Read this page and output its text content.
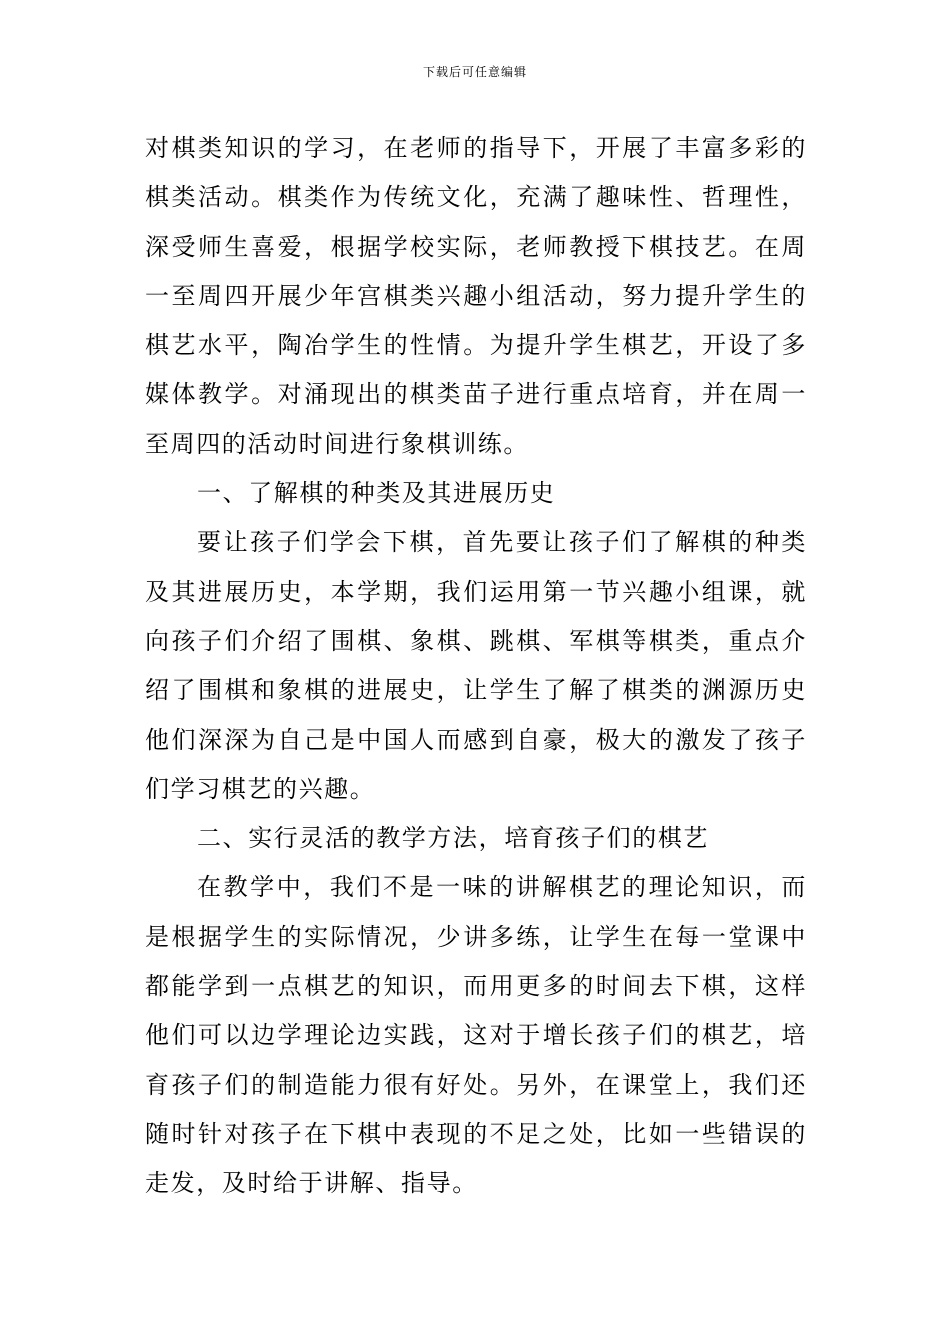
下载后可任意编辑

对棋类知识的学习，在老师的指导下，开展了丰富多彩的棋类活动。棋类作为传统文化，充满了趣味性、哲理性，深受师生喜爱，根据学校实际，老师教授下棋技艺。在周一至周四开展少年宫棋类兴趣小组活动，努力提升学生的棋艺水平，陶冶学生的性情。为提升学生棋艺，开设了多媒体教学。对涌现出的棋类苗子进行重点培育，并在周一至周四的活动时间进行象棋训练。

一、了解棋的种类及其进展历史

要让孩子们学会下棋，首先要让孩子们了解棋的种类及其进展历史，本学期，我们运用第一节兴趣小组课，就向孩子们介绍了围棋、象棋、跳棋、军棋等棋类，重点介绍了围棋和象棋的进展史，让学生了解了棋类的渊源历史他们深深为自己是中国人而感到自豪，极大的激发了孩子们学习棋艺的兴趣。

二、实行灵活的教学方法，培育孩子们的棋艺

在教学中，我们不是一味的讲解棋艺的理论知识，而是根据学生的实际情况，少讲多练，让学生在每一堂课中都能学到一点棋艺的知识，而用更多的时间去下棋，这样他们可以边学理论边实践，这对于增长孩子们的棋艺，培育孩子们的制造能力很有好处。另外，在课堂上，我们还随时针对孩子在下棋中表现的不足之处，比如一些错误的走发，及时给于讲解、指导。
